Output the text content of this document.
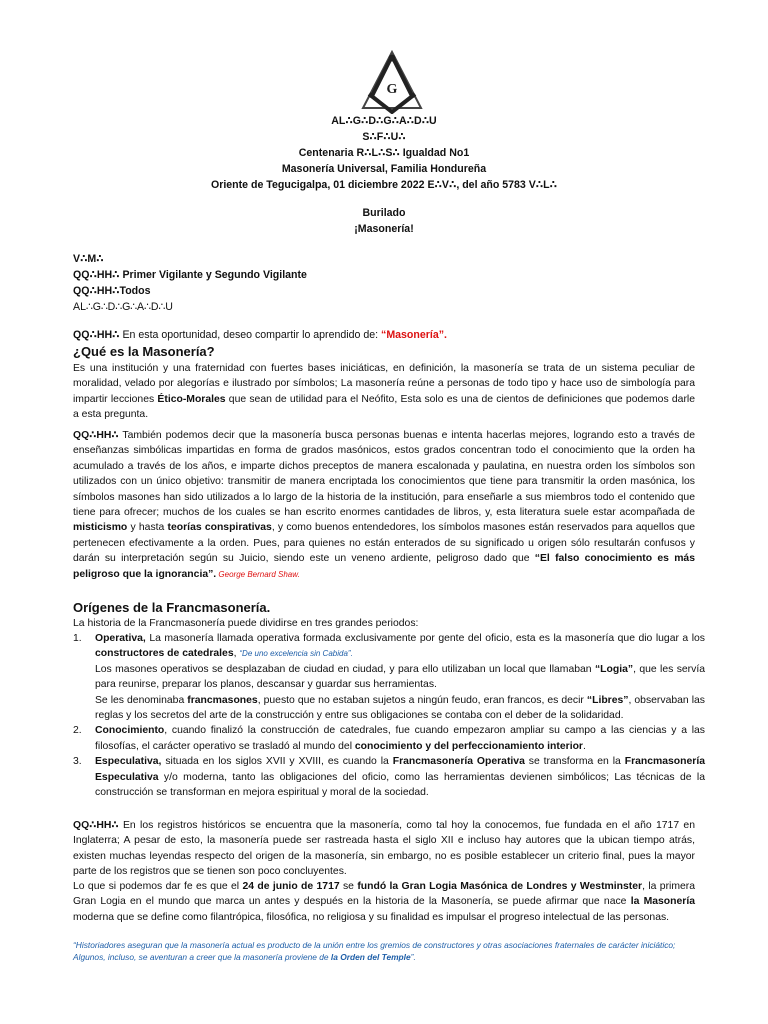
G
AL∴G∴D∴G∴A∴D∴U
S∴F∴U∴
Centenaria R∴L∴S∴ Igualdad No1
Masonería Universal, Familia Hondureña
Oriente de Tegucigalpa, 01 diciembre 2022 E∴V∴, del año 5783 V∴L∴
Burilado
¡Masonería!
V∴M∴
QQ∴HH∴ Primer Vigilante y Segundo Vigilante
QQ∴HH∴Todos
AL∴G∴D∴G∴A∴D∴U
QQ∴HH∴ En esta oportunidad, deseo compartir lo aprendido de: “Masonería”.
¿Qué es la Masonería?
Es una institución y una fraternidad con fuertes bases iniciáticas, en definición, la masonería se trata de un sistema peculiar de moralidad, velado por alegorías e ilustrado por símbolos; La masonería reúne a personas de todo tipo y hace uso de simbología para impartir lecciones Ético-Morales que sean de utilidad para el Neófito, Esta solo es una de cientos de definiciones que podemos darle a esta pregunta.
QQ∴HH∴ También podemos decir que la masonería busca personas buenas e intenta hacerlas mejores, logrando esto a través de enseñanzas simbólicas impartidas en forma de grados masónicos, estos grados concentran todo el conocimiento que la orden ha acumulado a través de los años, e imparte dichos preceptos de manera escalonada y paulatina, en nuestra orden los símbolos son utilizados con un único objetivo: transmitir de manera encriptada los conocimientos que tiene para transmitir la orden masónica, los símbolos masones han sido utilizados a lo largo de la historia de la institución, para enseñarle a sus miembros todo el contenido que tiene para ofrecer; muchos de los cuales se han escrito enormes cantidades de libros, y, esta literatura suele estar acompañada de misticismo y hasta teorías conspirativas, y como buenos entendedores, los símbolos masones están reservados para aquellos que pertenecen efectivamente a la orden. Pues, para quienes no están enterados de su significado u origen sólo resultarán confusos y darán su interpretación según su Juicio, siendo este un veneno ardiente, peligroso dado que “El falso conocimiento es más peligroso que la ignorancia”. George Bernard Shaw.
Orígenes de la Francmasonería.
La historia de la Francmasonería puede dividirse en tres grandes periodos:
1. Operativa, La masonería llamada operativa formada exclusivamente por gente del oficio, esta es la masonería que dio lugar a los constructores de catedrales, “De uno excelencia sin Cabida”.
Los masones operativos se desplazaban de ciudad en ciudad, y para ello utilizaban un local que llamaban “Logia”, que les servía para reunirse, preparar los planos, descansar y guardar sus herramientas.
Se les denominaba francmasones, puesto que no estaban sujetos a ningún feudo, eran francos, es decir “Libres”, observaban las reglas y los secretos del arte de la construcción y entre sus obligaciones se contaba con el deber de la solidaridad.
2. Conocimiento, cuando finalizó la construcción de catedrales, fue cuando empezaron ampliar su campo a las ciencias y a las filosofías, el carácter operativo se trasladó al mundo del conocimiento y del perfeccionamiento interior.
3. Especulativa, situada en los siglos XVII y XVIII, es cuando la Francmasonería Operativa se transforma en la Francmasonería Especulativa y/o moderna, tanto las obligaciones del oficio, como las herramientas devienen simbólicos; Las técnicas de la construcción se transforman en mejora espiritual y moral de la sociedad.
QQ∴HH∴ En los registros históricos se encuentra que la masonería, como tal hoy la conocemos, fue fundada en el año 1717 en Inglaterra; A pesar de esto, la masonería puede ser rastreada hasta el siglo XII e incluso hay autores que la ubican tiempo atrás, existen muchas leyendas respecto del origen de la masonería, sin embargo, no es posible establecer un criterio final, pues la mayor parte de los registros que se tienen son poco concluyentes.
Lo que si podemos dar fe es que el 24 de junio de 1717 se fundó la Gran Logia Masónica de Londres y Westminster, la primera Gran Logia en el mundo que marca un antes y después en la historia de la Masonería, se puede afirmar que nace la Masonería moderna que se define como filantrópica, filosófica, no religiosa y su finalidad es impulsar el progreso intelectual de las personas.
“Historiadores aseguran que la masonería actual es producto de la unión entre los gremios de constructores y otras asociaciones fraternales de carácter iniciático; Algunos, incluso, se aventuran a creer que la masonería proviene de la Orden del Temple”.
